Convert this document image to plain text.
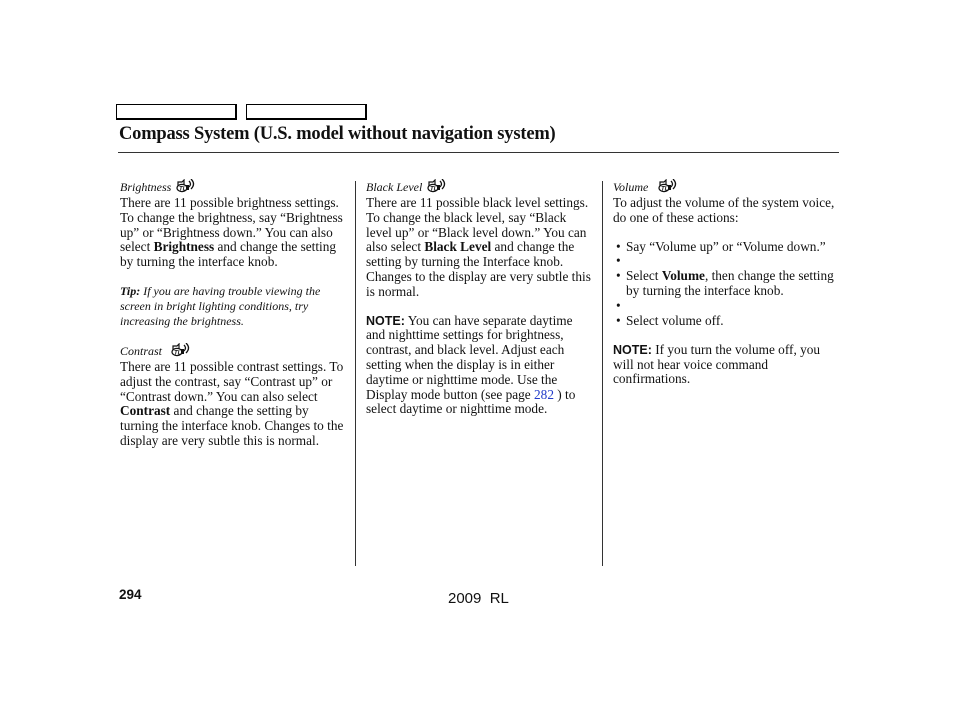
Compass System (U.S. model without navigation system)
Brightness TL

There are 11 possible brightness settings. To change the brightness, say “Brightness up” or “Brightness down.” You can also select Brightness and change the setting by turning the interface knob.

Tip: If you are having trouble viewing the screen in bright lighting conditions, try increasing the brightness.

Contrast TL

There are 11 possible contrast settings. To adjust the contrast, say “Contrast up” or “Contrast down.” You can also select Contrast and change the setting by turning the interface knob. Changes to the display are very subtle this is normal.

Black Level TL

There are 11 possible black level settings. To change the black level, say “Black level up” or “Black level down.” You can also select Black Level and change the setting by turning the Interface knob. Changes to the display are very subtle this is normal.

NOTE: You can have separate daytime and nighttime settings for brightness, contrast, and black level. Adjust each setting when the display is in either daytime or nighttime mode. Use the Display mode button (see page 282 ) to select daytime or nighttime mode.

Volume TL

To adjust the volume of the system voice, do one of these actions:

• Say “Volume up” or “Volume down.”
•
• Select Volume, then change the setting by turning the interface knob.
•
• Select volume off.

NOTE: If you turn the volume off, you will not hear voice command confirmations.

294	2009  RL
